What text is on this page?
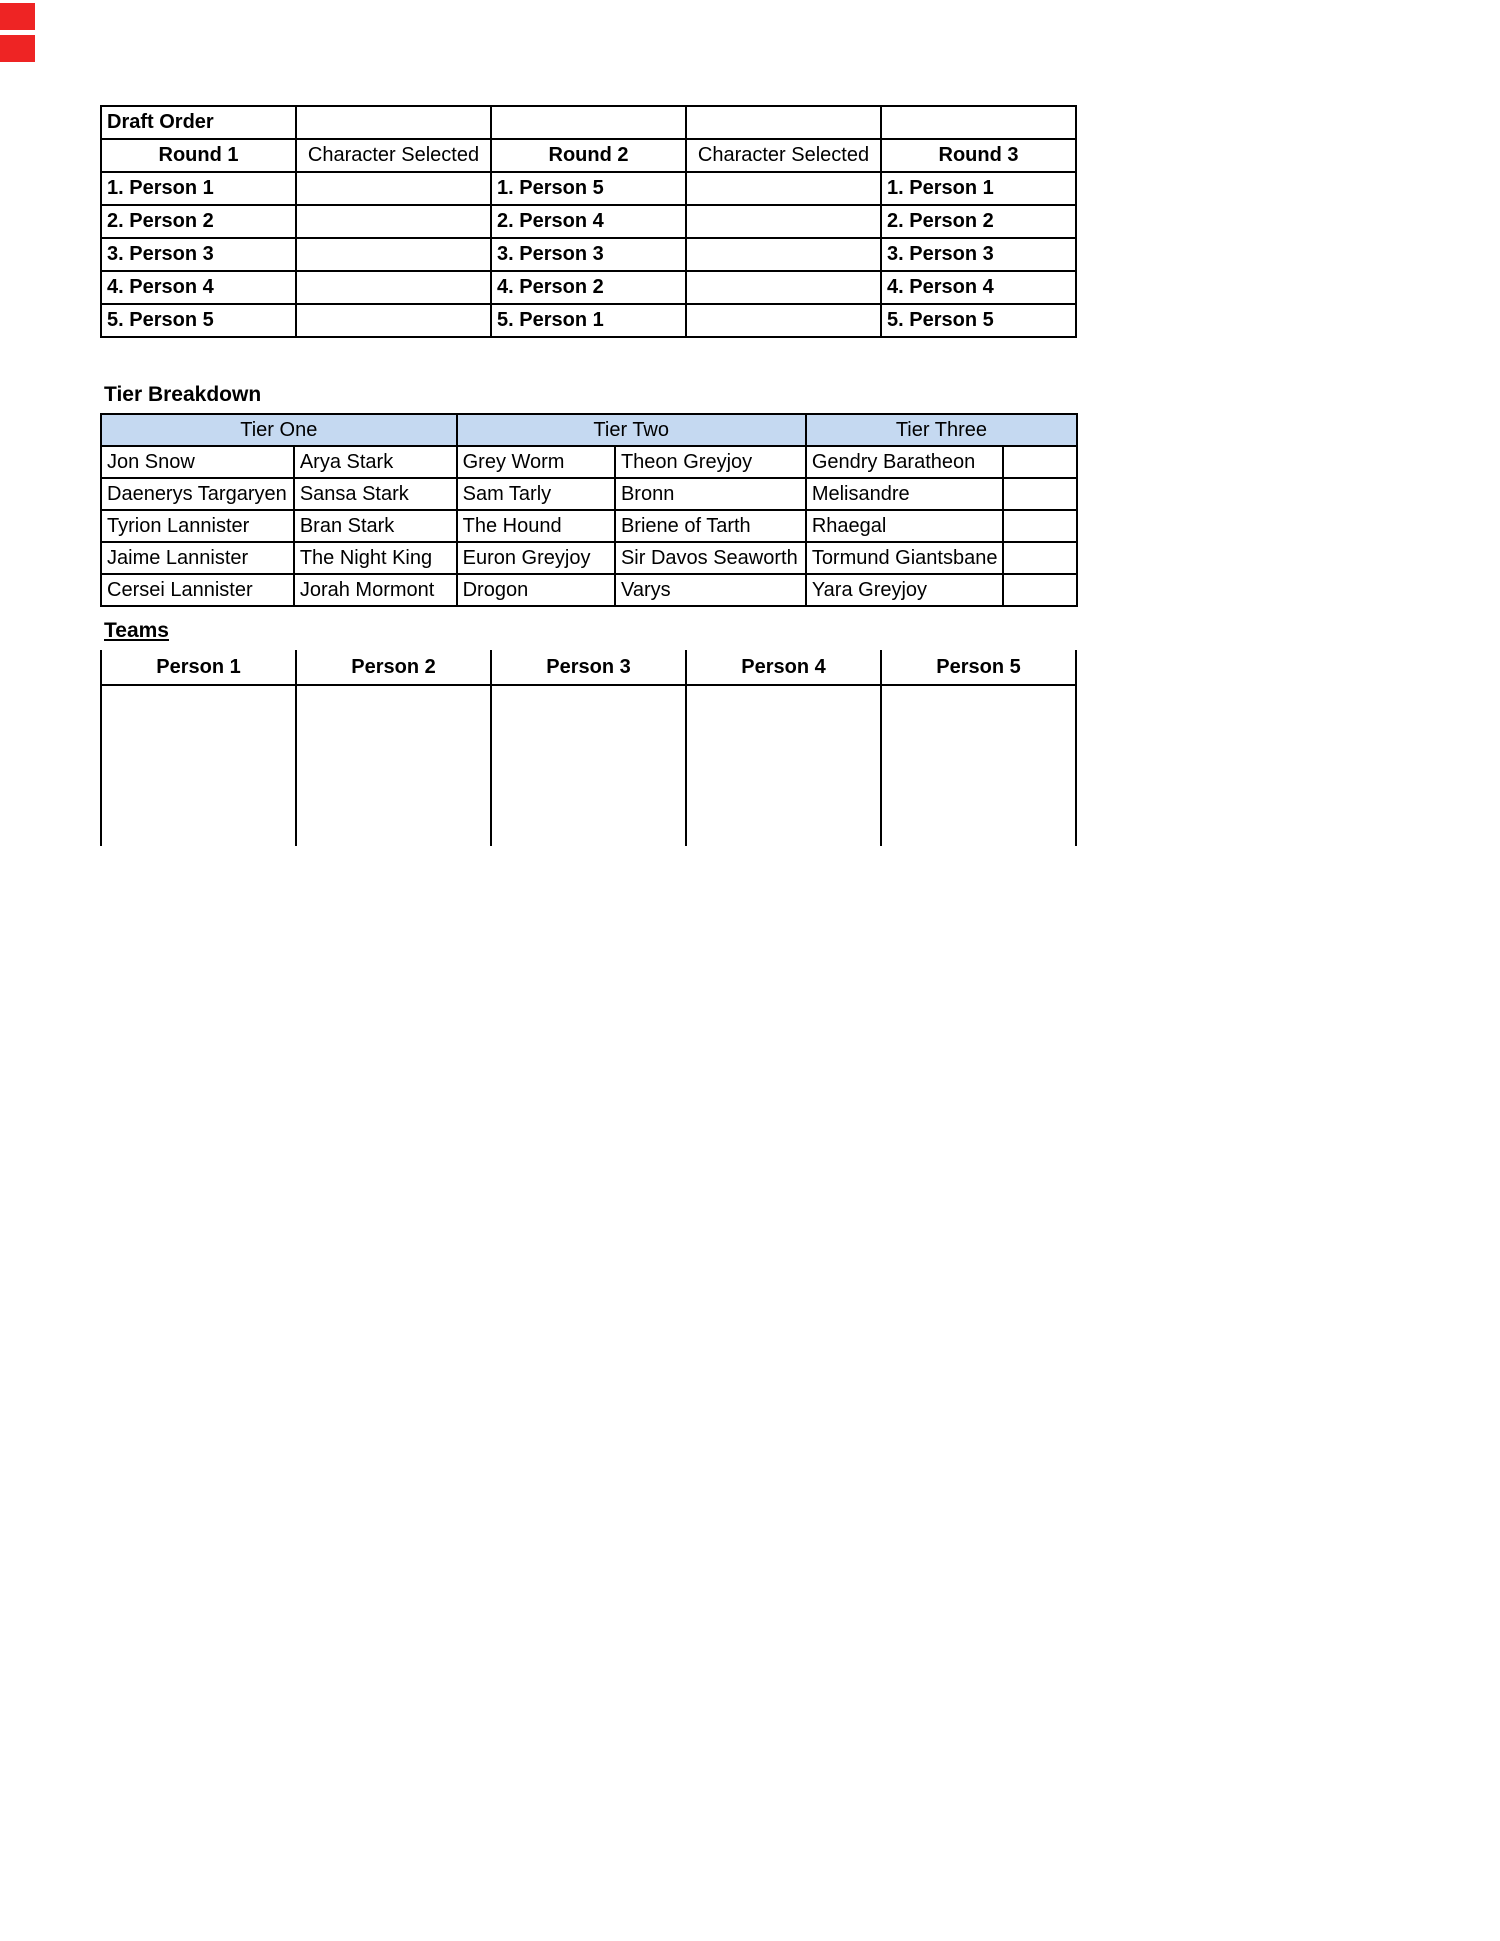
Draft Order				
Round 1	Character Selected	Round 2	Character Selected	Round 3
1. Person 1		1. Person 5		1. Person 1
2. Person 2		2. Person 4		2. Person 2
3. Person 3		3. Person 3		3. Person 3
4. Person 4		4. Person 2		4. Person 4
5. Person 5		5. Person 1		5. Person 5
Tier Breakdown
Tier One		Tier Two		Tier Three	
Jon Snow	Arya Stark	Grey Worm	Theon Greyjoy	Gendry Baratheon	
Daenerys Targaryen	Sansa Stark	Sam Tarly	Bronn	Melisandre	
Tyrion Lannister	Bran Stark	The Hound	Briene of Tarth	Rhaegal	
Jaime Lannister	The Night King	Euron Greyjoy	Sir Davos Seaworth	Tormund Giantsbane	
Cersei Lannister	Jorah Mormont	Drogon	Varys	Yara Greyjoy	
Teams
Person 1	Person 2	Person 3	Person 4	Person 5
